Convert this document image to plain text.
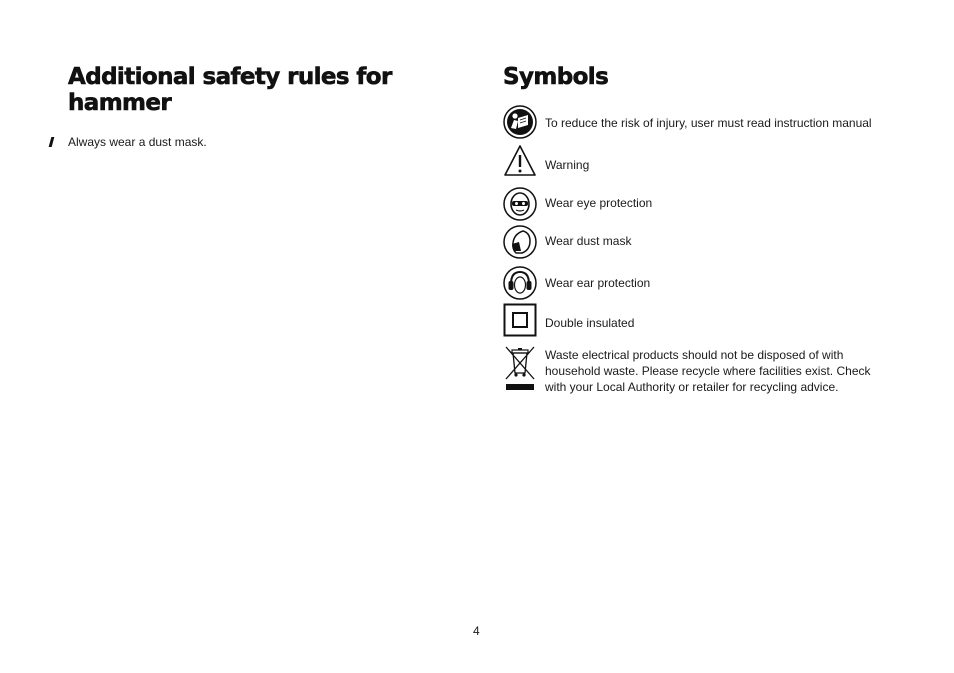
Additional safety rules for hammer
Always wear a dust mask.
Symbols
To reduce the risk of injury, user must read instruction manual
Warning
Wear eye protection
Wear dust mask
Wear ear protection
Double insulated
Waste electrical products should not be disposed of with household waste. Please recycle where facilities exist. Check with your Local Authority or retailer for recycling advice.
4
